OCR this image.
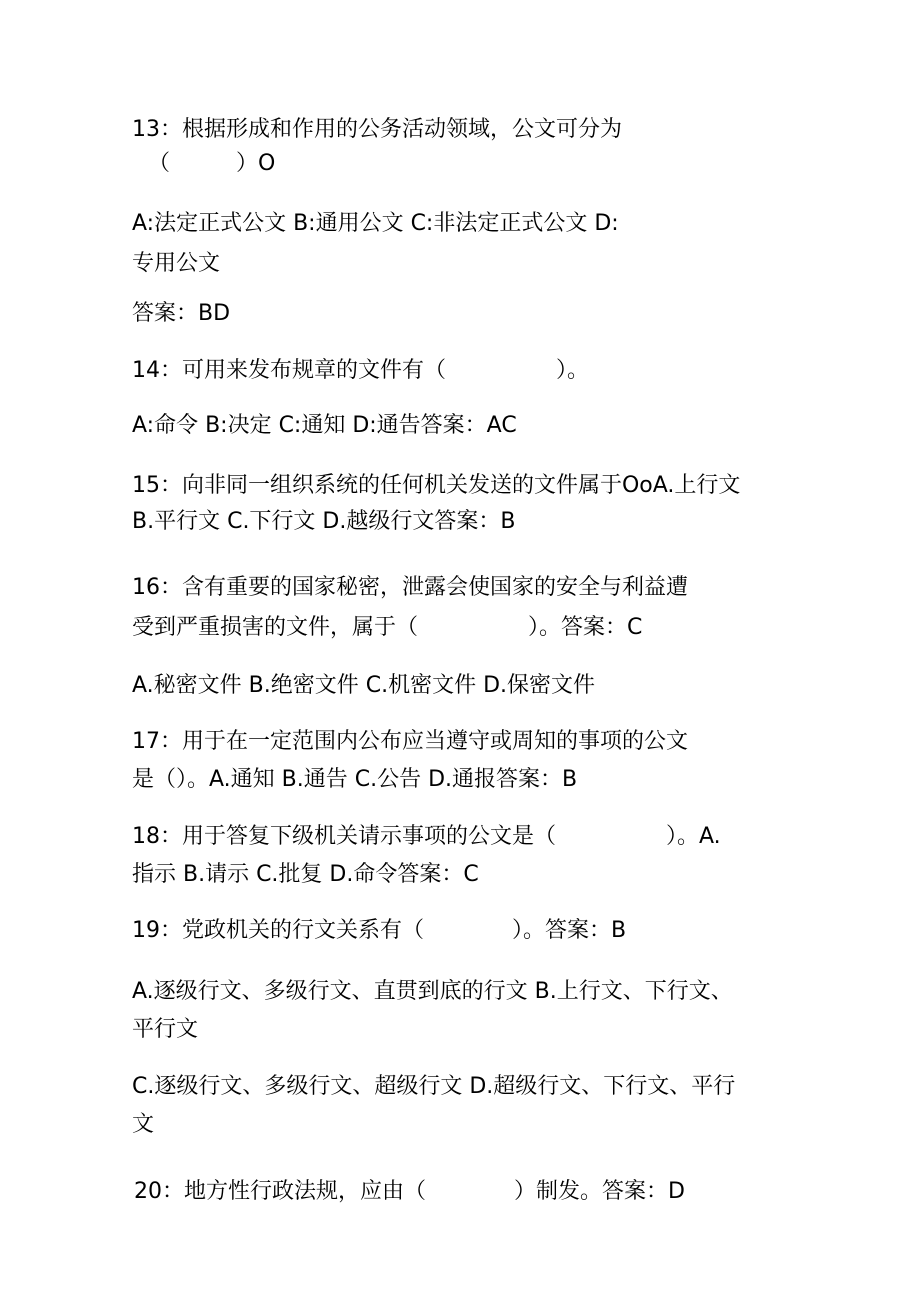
13：根据形成和作用的公务活动领域，公文可分为
（　　　）O
A:法定正式公文 B:通用公文 C:非法定正式公文 D:
专用公文
答案：BD
14：可用来发布规章的文件有（　　　　　）。
A:命令 B:决定 C:通知 D:通告答案：AC
15：向非同一组织系统的任何机关发送的文件属于OoA.上行文
B.平行文 C.下行文 D.越级行文答案：B
16：含有重要的国家秘密，泄露会使国家的安全与利益遭
受到严重损害的文件，属于（　　　　　）。答案：C
A.秘密文件 B.绝密文件 C.机密文件 D.保密文件
17：用于在一定范围内公布应当遵守或周知的事项的公文
是（）。A.通知 B.通告 C.公告 D.通报答案：B
18：用于答复下级机关请示事项的公文是（　　　　　）。A.
指示 B.请示 C.批复 D.命令答案：C
19：党政机关的行文关系有（　　　　）。答案：B
A.逐级行文、多级行文、直贯到底的行文 B.上行文、下行文、
平行文
C.逐级行文、多级行文、超级行文 D.超级行文、下行文、平行
文
20：地方性行政法规，应由（　　　　）制发。答案：D
